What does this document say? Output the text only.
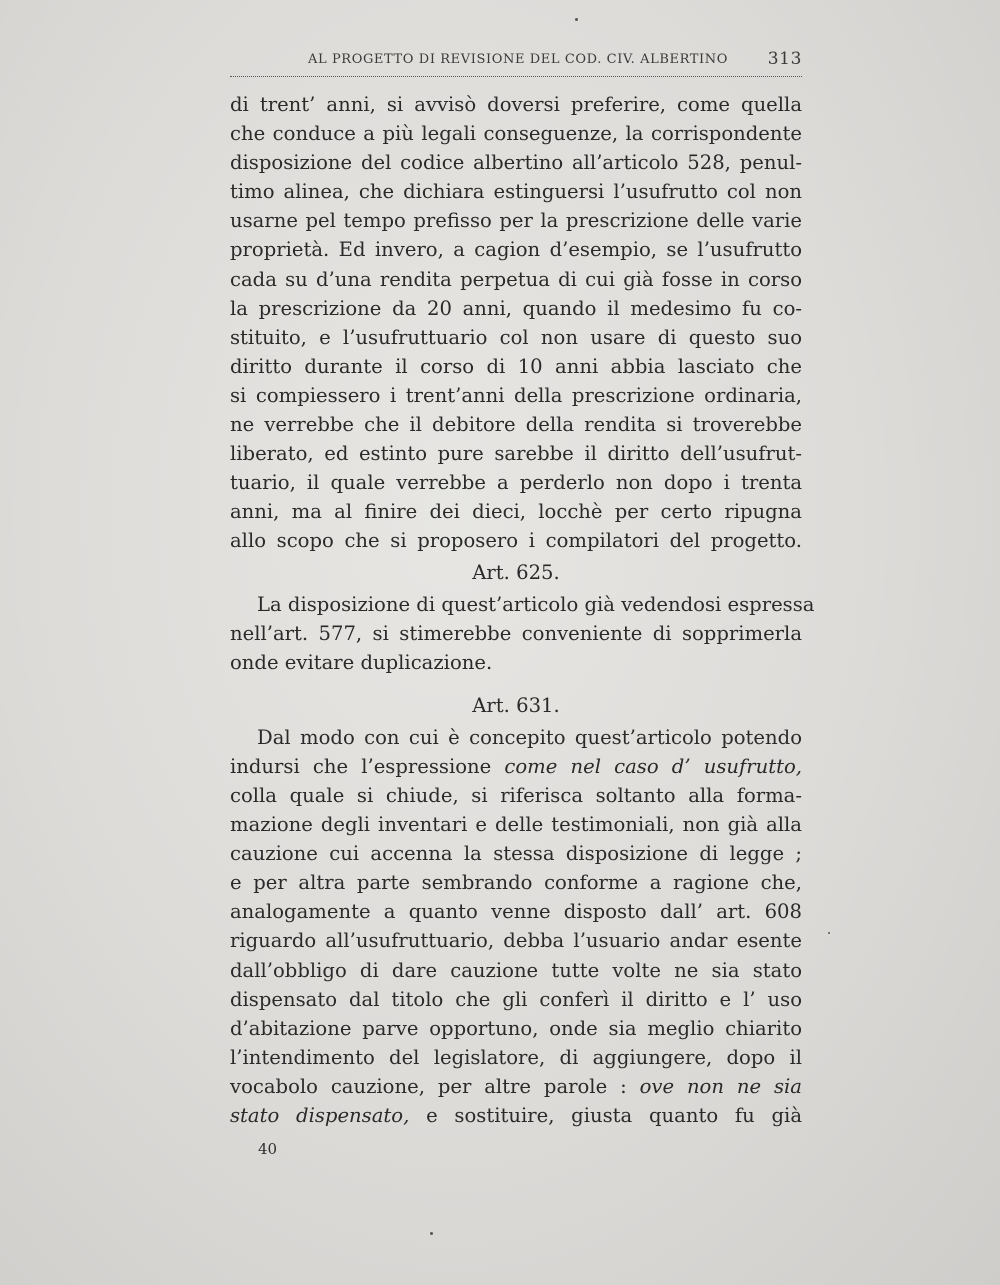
AL PROGETTO DI REVISIONE DEL COD. CIV. ALBERTINO 313
di trent’ anni, si avvisò doversi preferire, come quella
che conduce a più legali conseguenze, la corrispondente
disposizione del codice albertino all’articolo 528, penul-
timo alinea, che dichiara estinguersi l’usufrutto col non
usarne pel tempo prefisso per la prescrizione delle varie
proprietà. Ed invero, a cagion d’esempio, se l’usufrutto
cada su d’una rendita perpetua di cui già fosse in corso
la prescrizione da 20 anni, quando il medesimo fu co-
stituito, e l’usufruttuario col non usare di questo suo
diritto durante il corso di 10 anni abbia lasciato che
si compiessero i trent’anni della prescrizione ordinaria,
ne verrebbe che il debitore della rendita si troverebbe
liberato, ed estinto pure sarebbe il diritto dell’usufrut-
tuario, il quale verrebbe a perderlo non dopo i trenta
anni, ma al finire dei dieci, locchè per certo ripugna
allo scopo che si proposero i compilatori del progetto.
Art. 625.
La disposizione di quest’articolo già vedendosi espressa
nell’art. 577, si stimerebbe conveniente di sopprimerla
onde evitare duplicazione.
Art. 631.
Dal modo con cui è concepito quest’articolo potendo
indursi che l’espressione come nel caso d’ usufrutto,
colla quale si chiude, si riferisca soltanto alla forma-
mazione degli inventari e delle testimoniali, non già alla
cauzione cui accenna la stessa disposizione di legge ;
e per altra parte sembrando conforme a ragione che,
analogamente a quanto venne disposto dall’ art. 608
riguardo all’usufruttuario, debba l’usuario andar esente
dall’obbligo di dare cauzione tutte volte ne sia stato
dispensato dal titolo che gli conferì il diritto e l’ uso
d’abitazione parve opportuno, onde sia meglio chiarito
l’intendimento del legislatore, di aggiungere, dopo il
vocabolo cauzione, per altre parole : ove non ne sia
stato dispensato, e sostituire, giusta quanto fu già
40
